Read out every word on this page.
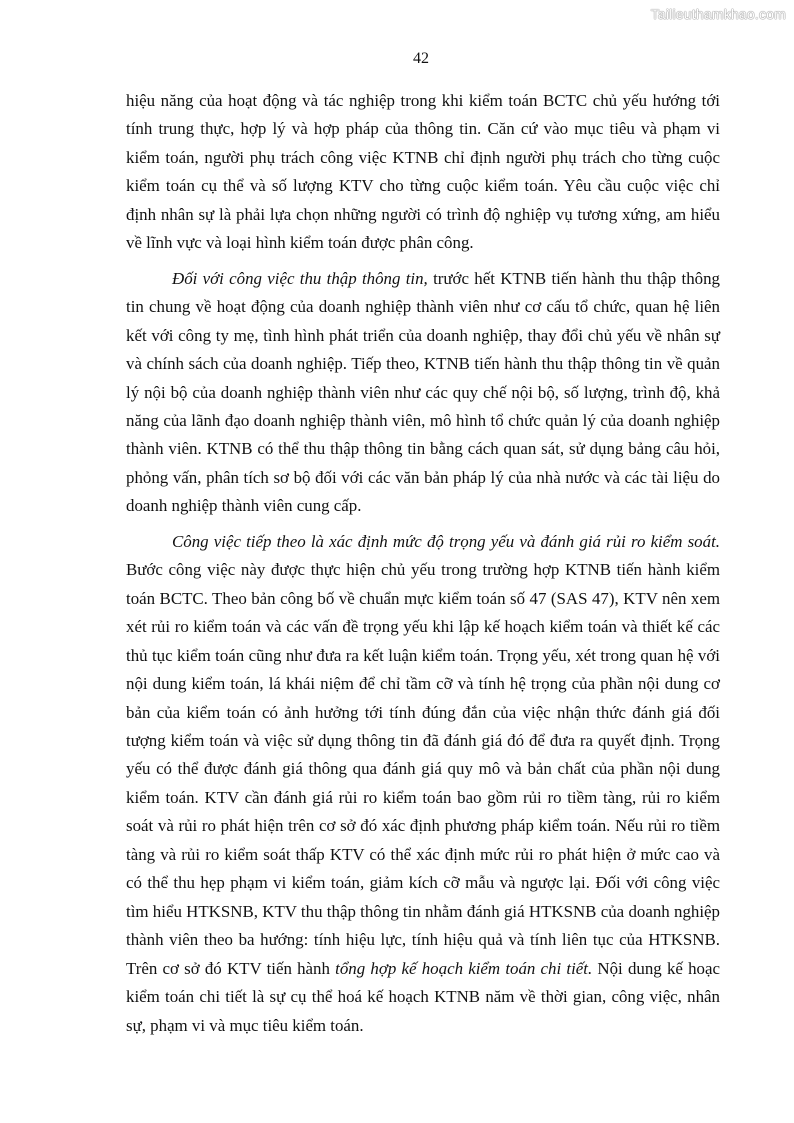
Tailieuthamkhao.com
42

hiệu năng của hoạt động và tác nghiệp trong khi kiểm toán BCTC chủ yếu hướng tới tính trung thực, hợp lý và hợp pháp của thông tin. Căn cứ vào mục tiêu và phạm vi kiểm toán, người phụ trách công việc KTNB chỉ định người phụ trách cho từng cuộc kiểm toán cụ thể và số lượng KTV cho từng cuộc kiểm toán. Yêu cầu cuộc việc chỉ định nhân sự là phải lựa chọn những người có trình độ nghiệp vụ tương xứng, am hiểu về lĩnh vực và loại hình kiểm toán được phân công.

Đối với công việc thu thập thông tin, trước hết KTNB tiến hành thu thập thông tin chung về hoạt động của doanh nghiệp thành viên như cơ cấu tổ chức, quan hệ liên kết với công ty mẹ, tình hình phát triển của doanh nghiệp, thay đổi chủ yếu về nhân sự và chính sách của doanh nghiệp. Tiếp theo, KTNB tiến hành thu thập thông tin về quản lý nội bộ của doanh nghiệp thành viên như các quy chế nội bộ, số lượng, trình độ, khả năng của lãnh đạo doanh nghiệp thành viên, mô hình tổ chức quản lý của doanh nghiệp thành viên. KTNB có thể thu thập thông tin bằng cách quan sát, sử dụng bảng câu hỏi, phỏng vấn, phân tích sơ bộ đối với các văn bản pháp lý của nhà nước và các tài liệu do doanh nghiệp thành viên cung cấp.

Công việc tiếp theo là xác định mức độ trọng yếu và đánh giá rủi ro kiểm soát. Bước công việc này được thực hiện chủ yếu trong trường hợp KTNB tiến hành kiểm toán BCTC. Theo bản công bố về chuẩn mực kiểm toán số 47 (SAS 47), KTV nên xem xét rủi ro kiểm toán và các vấn đề trọng yếu khi lập kế hoạch kiểm toán và thiết kế các thủ tục kiểm toán cũng như đưa ra kết luận kiểm toán. Trọng yếu, xét trong quan hệ với nội dung kiểm toán, lá khái niệm để chỉ tầm cỡ và tính hệ trọng của phần nội dung cơ bản của kiểm toán có ảnh hưởng tới tính đúng đắn của việc nhận thức đánh giá đối tượng kiểm toán và việc sử dụng thông tin đã đánh giá đó để đưa ra quyết định. Trọng yếu có thể được đánh giá thông qua đánh giá quy mô và bản chất của phần nội dung kiểm toán. KTV cần đánh giá rủi ro kiểm toán bao gồm rủi ro tiềm tàng, rủi ro kiểm soát và rủi ro phát hiện trên cơ sở đó xác định phương pháp kiểm toán. Nếu rủi ro tiềm tàng và rủi ro kiểm soát thấp KTV có thể xác định mức rủi ro phát hiện ở mức cao và có thể thu hẹp phạm vi kiểm toán, giảm kích cỡ mẫu và ngược lại. Đối với công việc tìm hiểu HTKSNB, KTV thu thập thông tin nhằm đánh giá HTKSNB của doanh nghiệp thành viên theo ba hướng: tính hiệu lực, tính hiệu quả và tính liên tục của HTKSNB. Trên cơ sở đó KTV tiến hành tổng hợp kế hoạch kiểm toán chi tiết. Nội dung kế hoạc kiểm toán chi tiết là sự cụ thể hoá kế hoạch KTNB năm về thời gian, công việc, nhân sự, phạm vi và mục tiêu kiểm toán.
